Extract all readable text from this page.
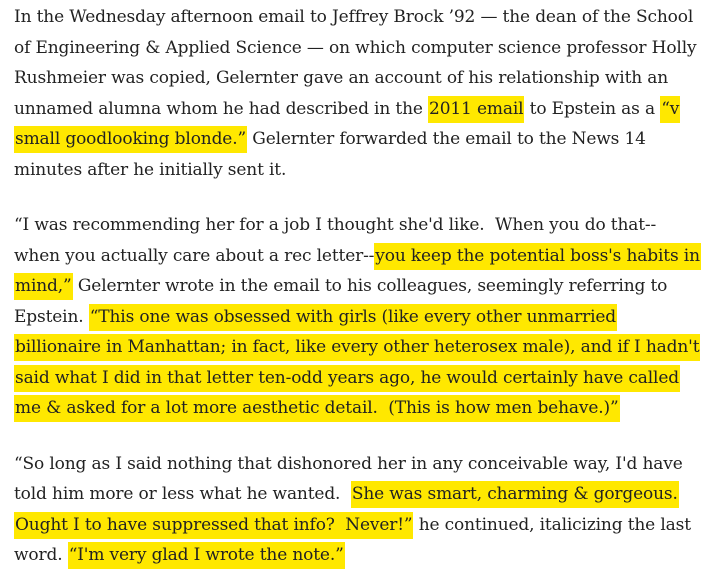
In the Wednesday afternoon email to Jeffrey Brock ’92 — the dean of the School
of Engineering & Applied Science — on which computer science professor Holly
Rushmeier was copied, Gelernter gave an account of his relationship with an
unnamed alumna whom he had described in the 2011 email to Epstein as a “v
small goodlooking blonde.” Gelernter forwarded the email to the News 14
minutes after he initially sent it.

“I was recommending her for a job I thought she'd like.  When you do that--
when you actually care about a rec letter--you keep the potential boss's habits in
mind,” Gelernter wrote in the email to his colleagues, seemingly referring to
Epstein. “This one was obsessed with girls (like every other unmarried
billionaire in Manhattan; in fact, like every other heterosex male), and if I hadn't
said what I did in that letter ten-odd years ago, he would certainly have called
me & asked for a lot more aesthetic detail.  (This is how men behave.)”

“So long as I said nothing that dishonored her in any conceivable way, I'd have
told him more or less what he wanted.  She was smart, charming & gorgeous.
Ought I to have suppressed that info?  Never!” he continued, italicizing the last
word. “I'm very glad I wrote the note.”
